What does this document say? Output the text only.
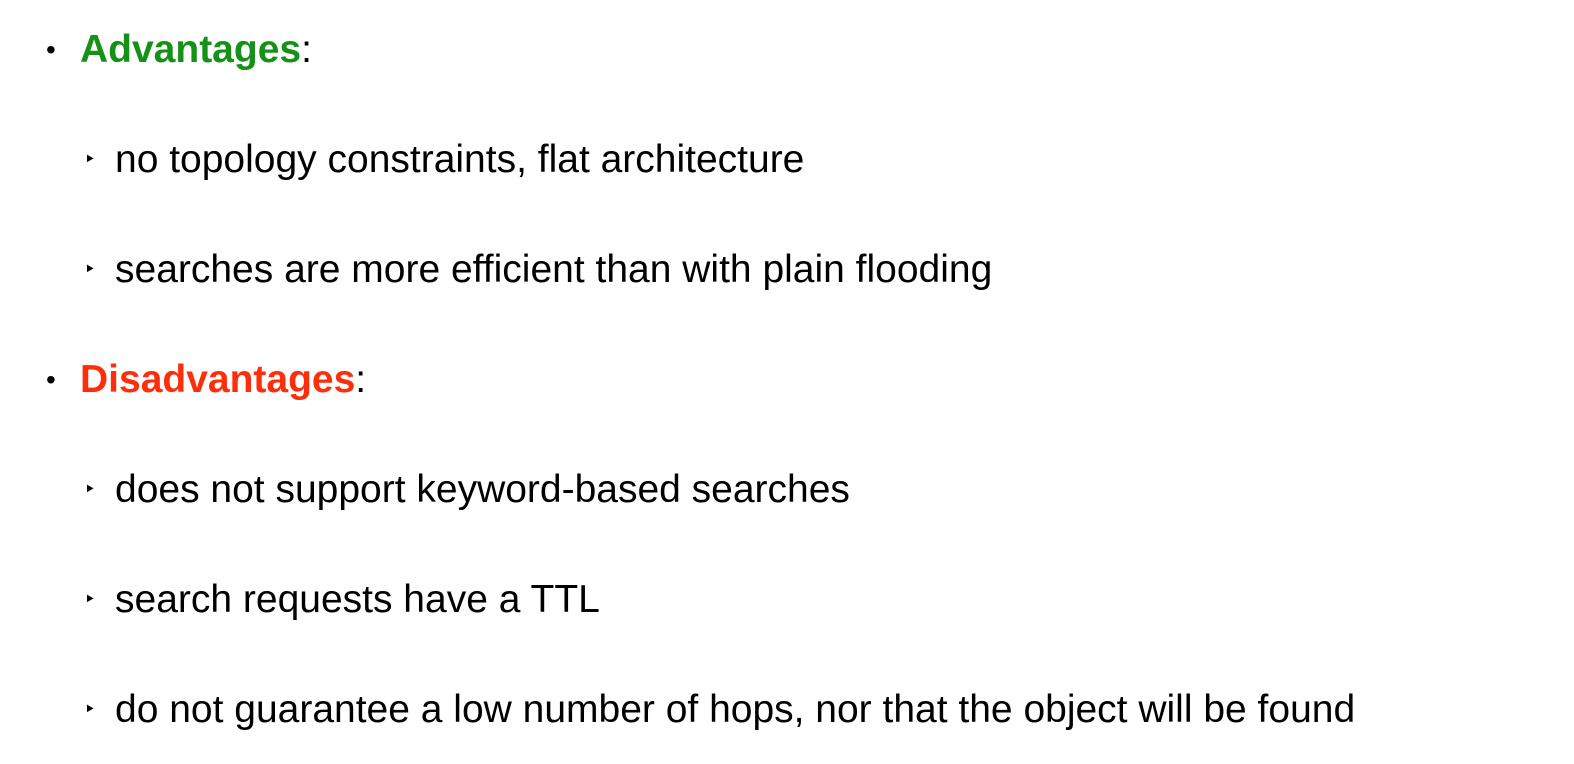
• Advantages:
‣ no topology constraints, flat architecture
‣ searches are more efficient than with plain flooding
• Disadvantages:
‣ does not support keyword-based searches
‣ search requests have a TTL
‣ do not guarantee a low number of hops, nor that the object will be found
